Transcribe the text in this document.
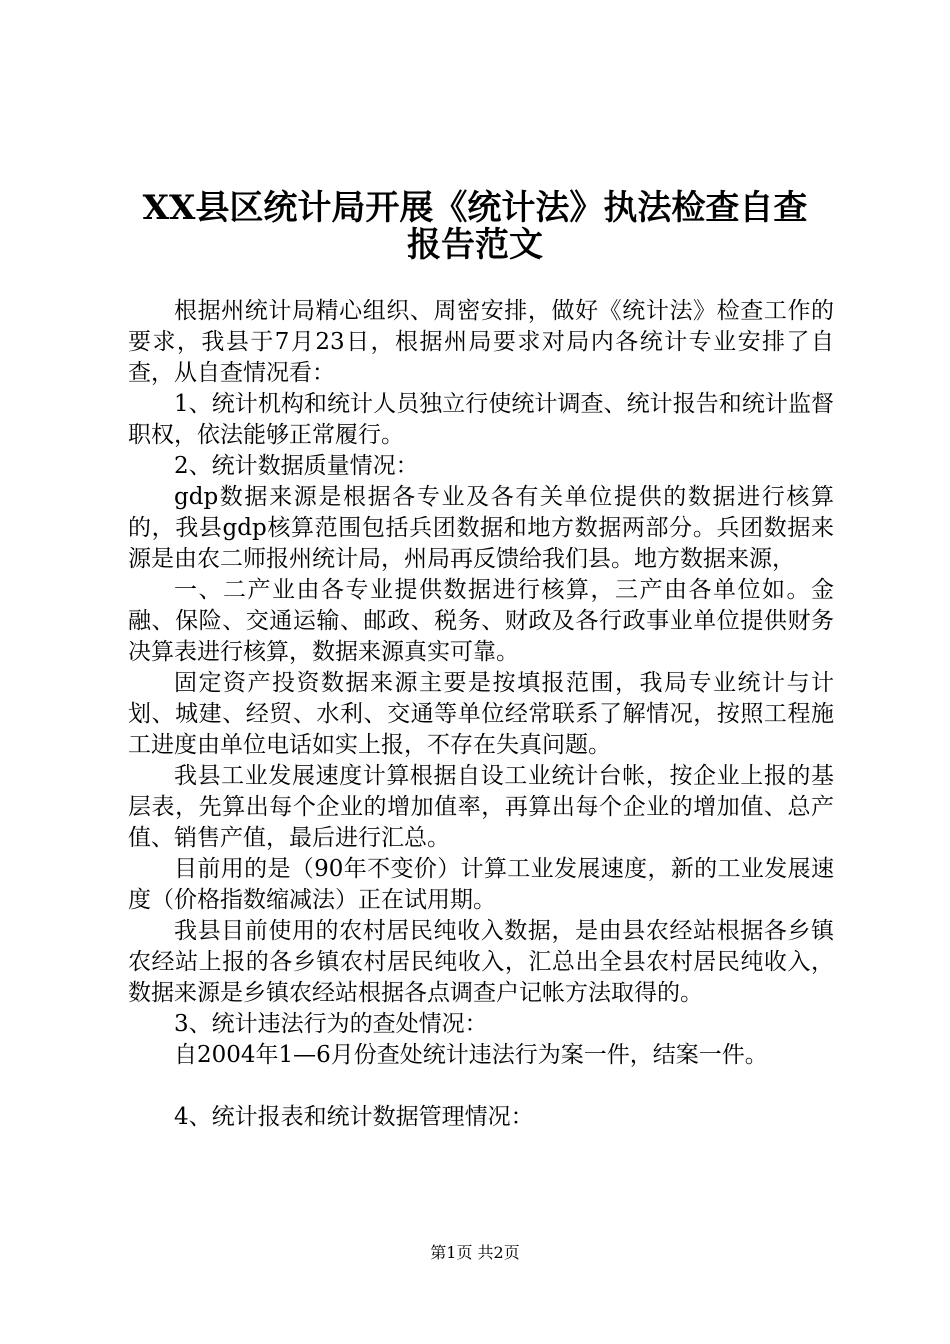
XX县区统计局开展《统计法》执法检查自查
报告范文

根据州统计局精心组织、周密安排，做好《统计法》检查工作的要求，我县于7月23日，根据州局要求对局内各统计专业安排了自查，从自查情况看：

1、统计机构和统计人员独立行使统计调查、统计报告和统计监督职权，依法能够正常履行。

2、统计数据质量情况：

gdp数据来源是根据各专业及各有关单位提供的数据进行核算的，我县gdp核算范围包括兵团数据和地方数据两部分。兵团数据来源是由农二师报州统计局，州局再反馈给我们县。地方数据来源，

一、二产业由各专业提供数据进行核算，三产由各单位如。金融、保险、交通运输、邮政、税务、财政及各行政事业单位提供财务决算表进行核算，数据来源真实可靠。

固定资产投资数据来源主要是按填报范围，我局专业统计与计划、城建、经贸、水利、交通等单位经常联系了解情况，按照工程施工进度由单位电话如实上报，不存在失真问题。

我县工业发展速度计算根据自设工业统计台帐，按企业上报的基层表，先算出每个企业的增加值率，再算出每个企业的增加值、总产值、销售产值，最后进行汇总。

目前用的是（90年不变价）计算工业发展速度，新的工业发展速度（价格指数缩减法）正在试用期。

我县目前使用的农村居民纯收入数据，是由县农经站根据各乡镇农经站上报的各乡镇农村居民纯收入，汇总出全县农村居民纯收入，数据来源是乡镇农经站根据各点调查户记帐方法取得的。

3、统计违法行为的查处情况：

自2004年1—6月份查处统计违法行为案一件，结案一件。

4、统计报表和统计数据管理情况：

第1页 共2页
